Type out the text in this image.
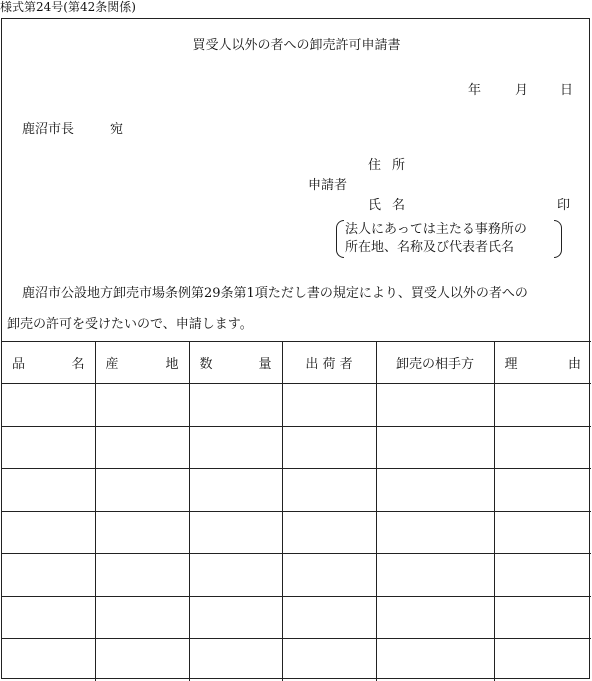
様式第24号(第42条関係)
買受人以外の者への卸売許可申請書
年	月 日
鹿沼市長	宛
住所
申請者
氏名	印
法人にあっては主たる事務所の
所在地、名称及び代表者氏名
鹿沼市公設地方卸売市場条例第29条第1項ただし書の規定により、買受人以外の者への
卸売の許可を受けたいので、申請します。
品 名	産 地	数 量	出 荷 者	卸売の相手方	理 由
